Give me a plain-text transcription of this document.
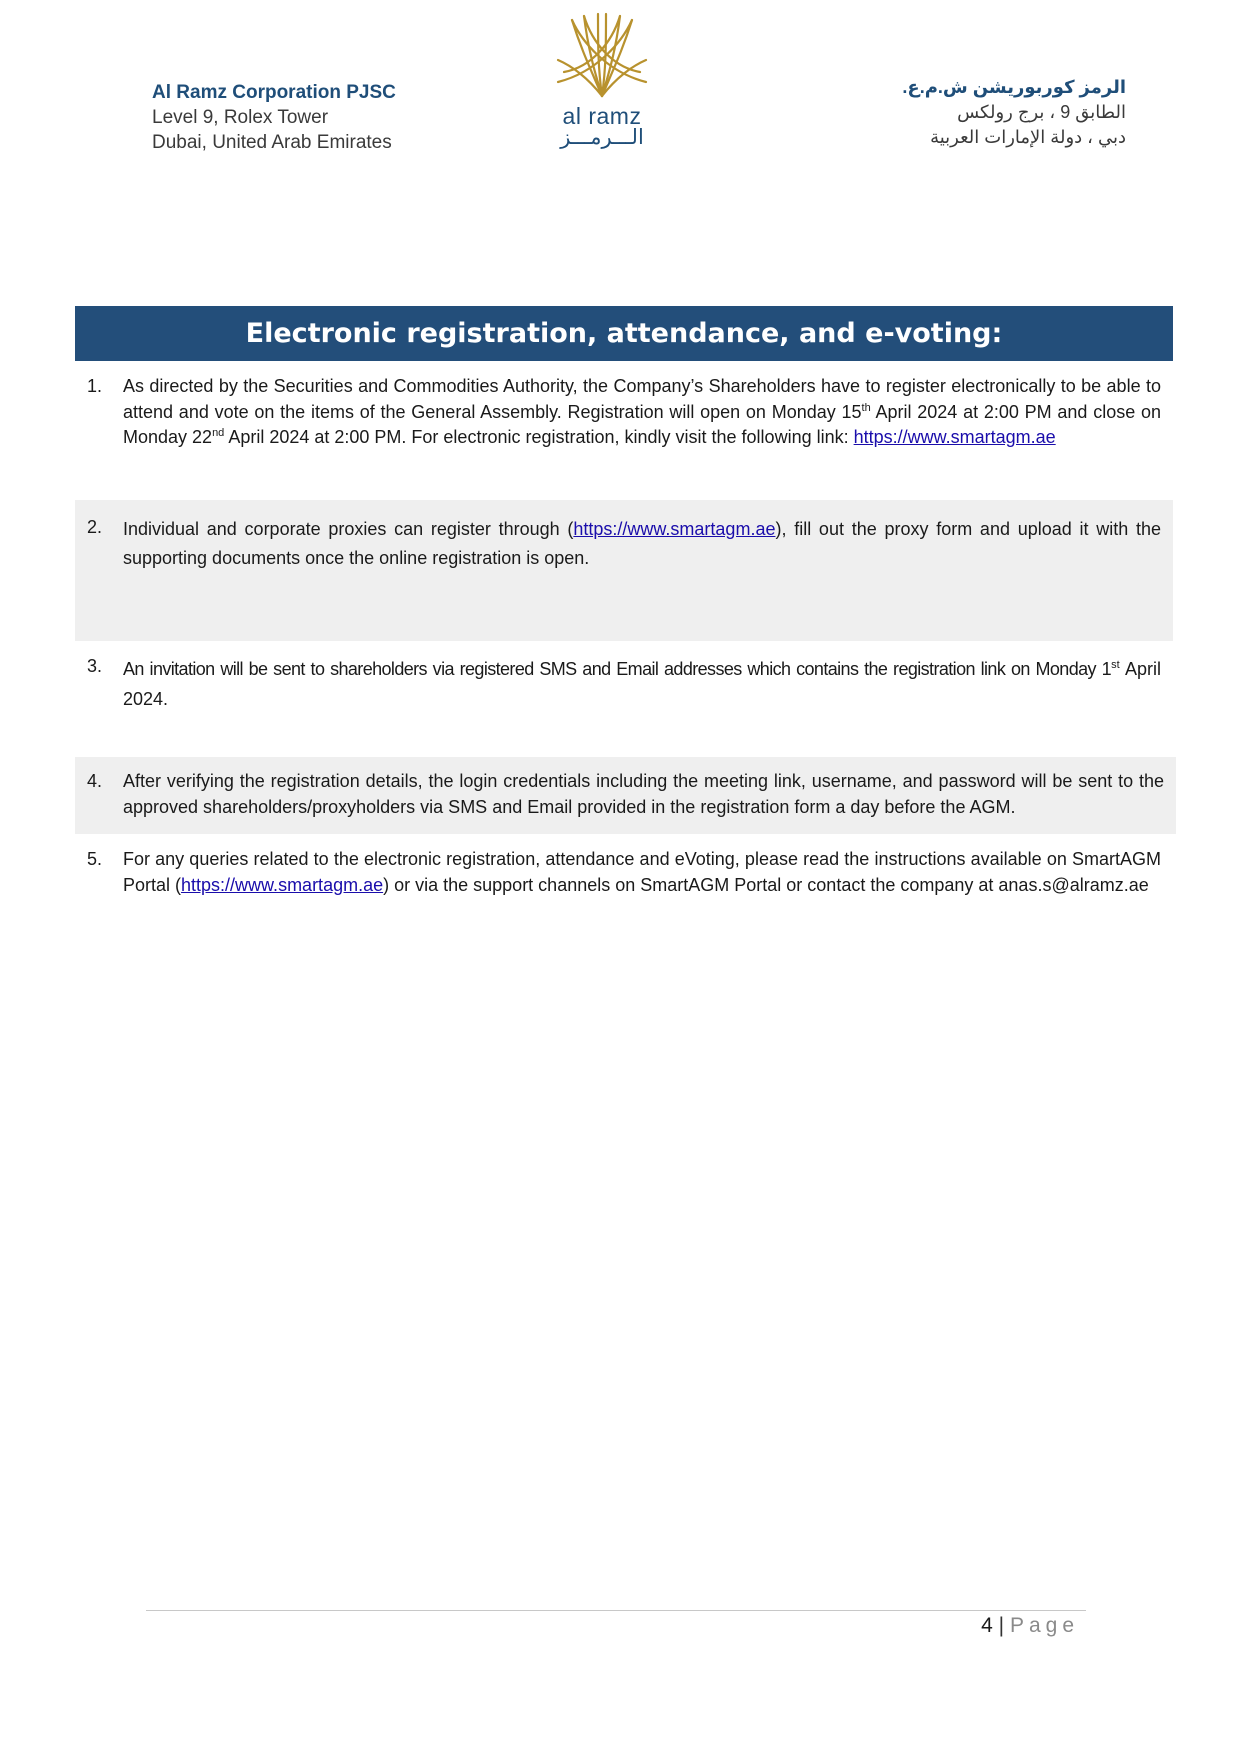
Al Ramz Corporation PJSC
Level 9, Rolex Tower
Dubai, United Arab Emirates
al ramz
الـــرمـــز
الرمز كوربوريشن ش.م.ع.
الطابق 9 ، برج رولكس
دبي ، دولة الإمارات العربية
Electronic registration, attendance, and e-voting:
1. As directed by the Securities and Commodities Authority, the Company’s Shareholders have to register electronically to be able to attend and vote on the items of the General Assembly. Registration will open on Monday 15th April 2024 at 2:00 PM and close on Monday 22nd April 2024 at 2:00 PM. For electronic registration, kindly visit the following link: https://www.smartagm.ae
2. Individual and corporate proxies can register through (https://www.smartagm.ae), fill out the proxy form and upload it with the supporting documents once the online registration is open.
3. An invitation will be sent to shareholders via registered SMS and Email addresses which contains the registration link on Monday 1st April 2024.
4. After verifying the registration details, the login credentials including the meeting link, username, and password will be sent to the approved shareholders/proxyholders via SMS and Email provided in the registration form a day before the AGM.
5. For any queries related to the electronic registration, attendance and eVoting, please read the instructions available on SmartAGM Portal (https://www.smartagm.ae) or via the support channels on SmartAGM Portal or contact the company at anas.s@alramz.ae
4 | Page
